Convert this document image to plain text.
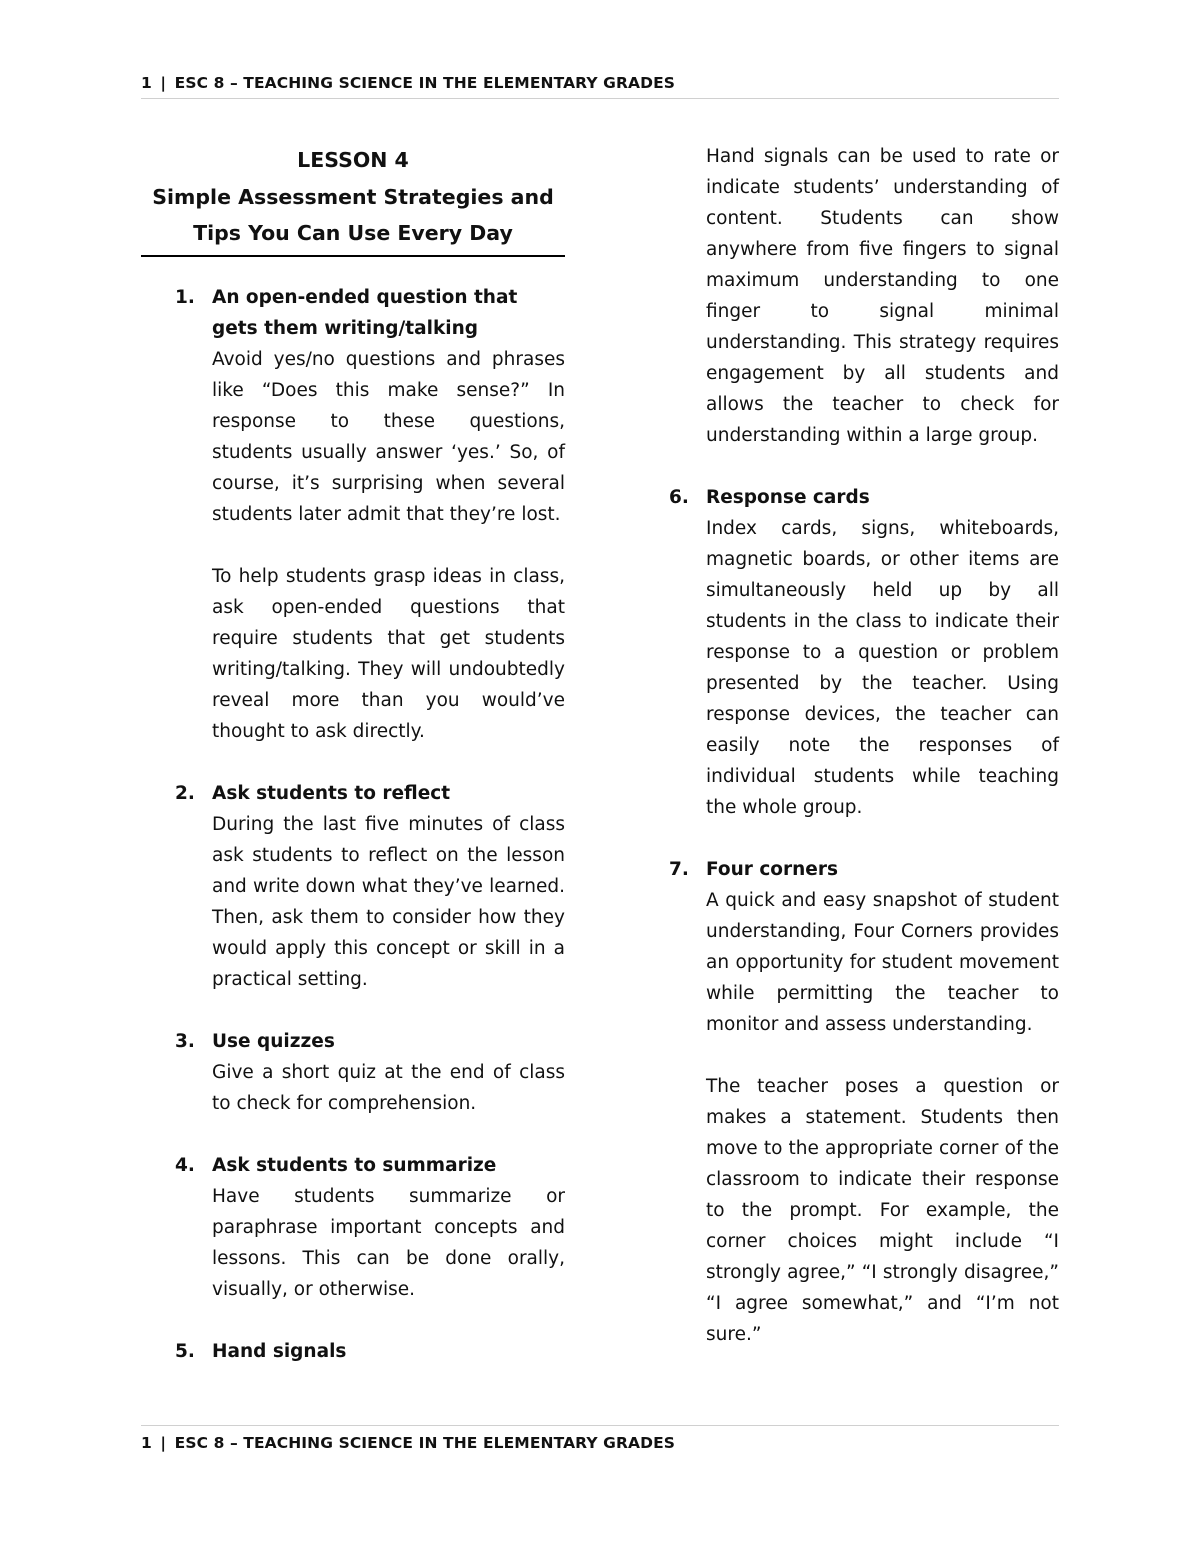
1 | ESC 8 – TEACHING SCIENCE IN THE ELEMENTARY GRADES
LESSON 4
Simple Assessment Strategies and
Tips You Can Use Every Day
1. An open-ended question that gets them writing/talking
Avoid yes/no questions and phrases like “Does this make sense?” In response to these questions, students usually answer ‘yes.’ So, of course, it’s surprising when several students later admit that they’re lost.
To help students grasp ideas in class, ask open-ended questions that require students that get students writing/talking. They will undoubtedly reveal more than you would’ve thought to ask directly.
2. Ask students to reflect
During the last five minutes of class ask students to reflect on the lesson and write down what they’ve learned. Then, ask them to consider how they would apply this concept or skill in a practical setting.
3. Use quizzes
Give a short quiz at the end of class to check for comprehension.
4. Ask students to summarize
Have students summarize or paraphrase important concepts and lessons. This can be done orally, visually, or otherwise.
5. Hand signals
Hand signals can be used to rate or indicate students’ understanding of content. Students can show anywhere from five fingers to signal maximum understanding to one finger to signal minimal understanding. This strategy requires engagement by all students and allows the teacher to check for understanding within a large group.
6. Response cards
Index cards, signs, whiteboards, magnetic boards, or other items are simultaneously held up by all students in the class to indicate their response to a question or problem presented by the teacher. Using response devices, the teacher can easily note the responses of individual students while teaching the whole group.
7. Four corners
A quick and easy snapshot of student understanding, Four Corners provides an opportunity for student movement while permitting the teacher to monitor and assess understanding.
The teacher poses a question or makes a statement. Students then move to the appropriate corner of the classroom to indicate their response to the prompt. For example, the corner choices might include “I strongly agree,” “I strongly disagree,” “I agree somewhat,” and “I’m not sure.”
1 | ESC 8 – TEACHING SCIENCE IN THE ELEMENTARY GRADES
